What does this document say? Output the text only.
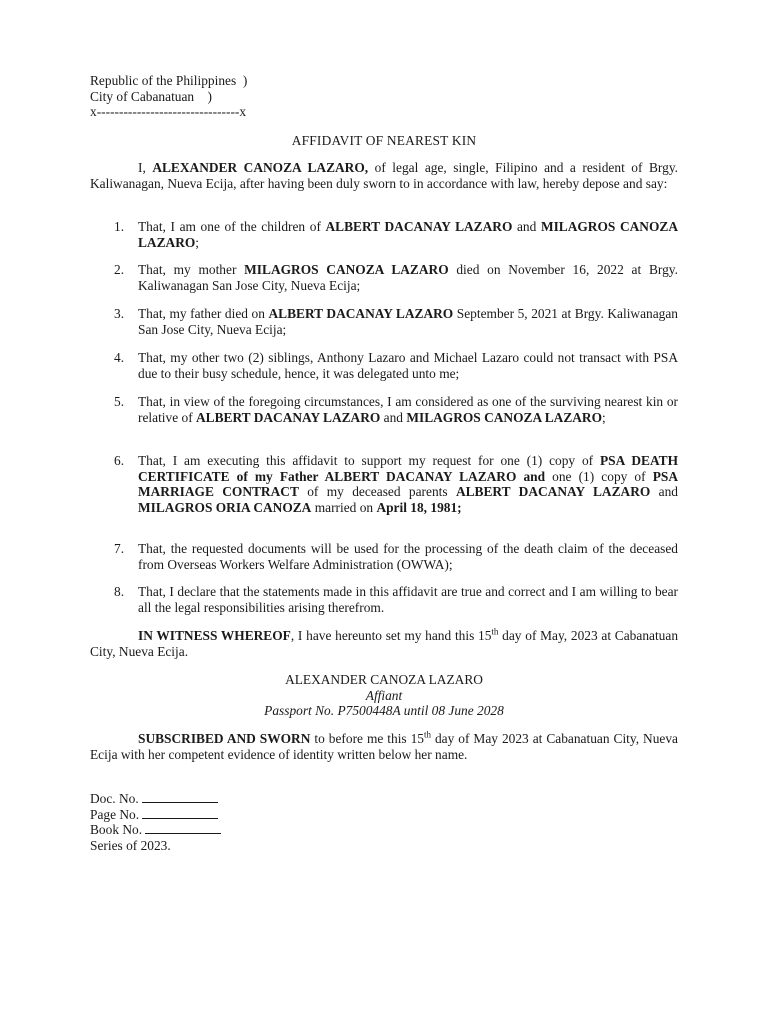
Republic of the Philippines  )
City of Cabanatuan    )
x--------------------------------x
AFFIDAVIT OF NEAREST KIN
I, ALEXANDER CANOZA LAZARO, of legal age, single, Filipino and a resident of Brgy. Kaliwanagan, Nueva Ecija, after having been duly sworn to in accordance with law, hereby depose and say:
1.	That, I am one of the children of ALBERT DACANAY LAZARO and MILAGROS CANOZA LAZARO;
2.	That, my mother MILAGROS CANOZA LAZARO died on November 16, 2022 at Brgy. Kaliwanagan San Jose City, Nueva Ecija;
3.	That, my father died on ALBERT DACANAY LAZARO September 5, 2021 at Brgy. Kaliwanagan San Jose City, Nueva Ecija;
4.	That, my other two (2) siblings, Anthony Lazaro and Michael Lazaro could not transact with PSA due to their busy schedule, hence, it was delegated unto me;
5.	That, in view of the foregoing circumstances, I am considered as one of the surviving nearest kin or relative of ALBERT DACANAY LAZARO and MILAGROS CANOZA LAZARO;
6.	That, I am executing this affidavit to support my request for one (1) copy of PSA DEATH CERTIFICATE of my Father ALBERT DACANAY LAZARO and one (1) copy of PSA MARRIAGE CONTRACT of my deceased parents ALBERT DACANAY LAZARO and MILAGROS ORIA CANOZA married on April 18, 1981;
7.	That, the requested documents will be used for the processing of the death claim of the deceased from Overseas Workers Welfare Administration (OWWA);
8.	That, I declare that the statements made in this affidavit are true and correct and I am willing to bear all the legal responsibilities arising therefrom.
IN WITNESS WHEREOF, I have hereunto set my hand this 15th day of May, 2023 at Cabanatuan City, Nueva Ecija.
ALEXANDER CANOZA LAZARO
Affiant
Passport No. P7500448A until 08 June 2028
SUBSCRIBED AND SWORN to before me this 15th day of May 2023 at Cabanatuan City, Nueva Ecija with her competent evidence of identity written below her name.
Doc. No.
Page No.
Book No.
Series of 2023.
